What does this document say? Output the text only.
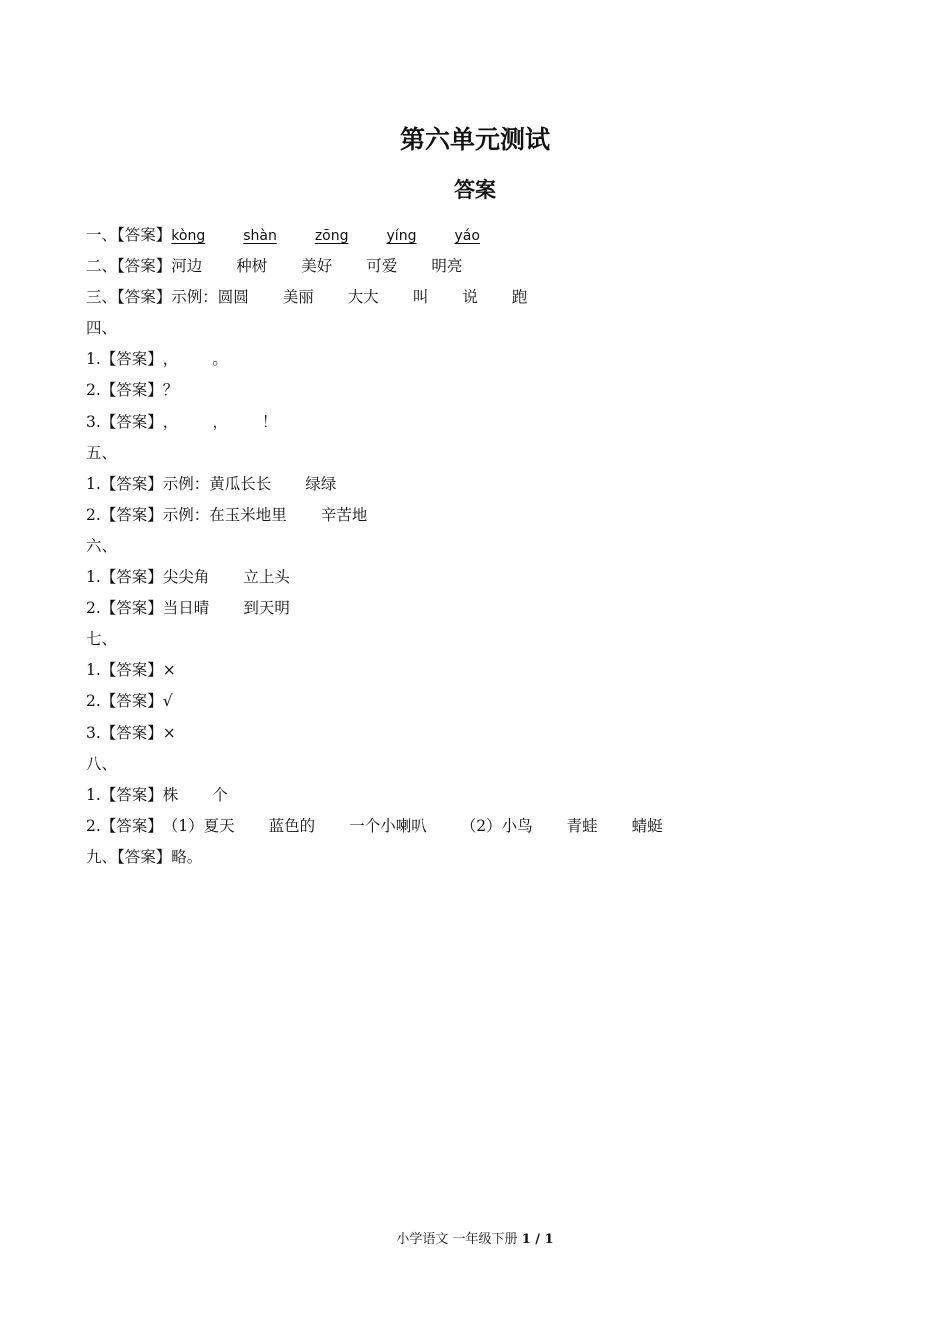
第六单元测试
答案
一、【答案】kòng	shàn	zōng	yíng	yáo
二、【答案】河边 种树 美好 可爱 明亮
三、【答案】示例：圆圆 美丽 大大 叫 说 跑
四、
1.【答案】， 。
2.【答案】？
3.【答案】， ， ！
五、
1.【答案】示例：黄瓜长长 绿绿
2.【答案】示例：在玉米地里 辛苦地
六、
1.【答案】尖尖角 立上头
2.【答案】当日晴 到天明
七、
1.【答案】×
2.【答案】√
3.【答案】×
八、
1.【答案】株 个
2.【答案】（1）夏天 蓝色的 一个小喇叭 （2）小鸟 青蛙 蜻蜓
九、【答案】略。
小学语文 一年级下册 1 / 1
